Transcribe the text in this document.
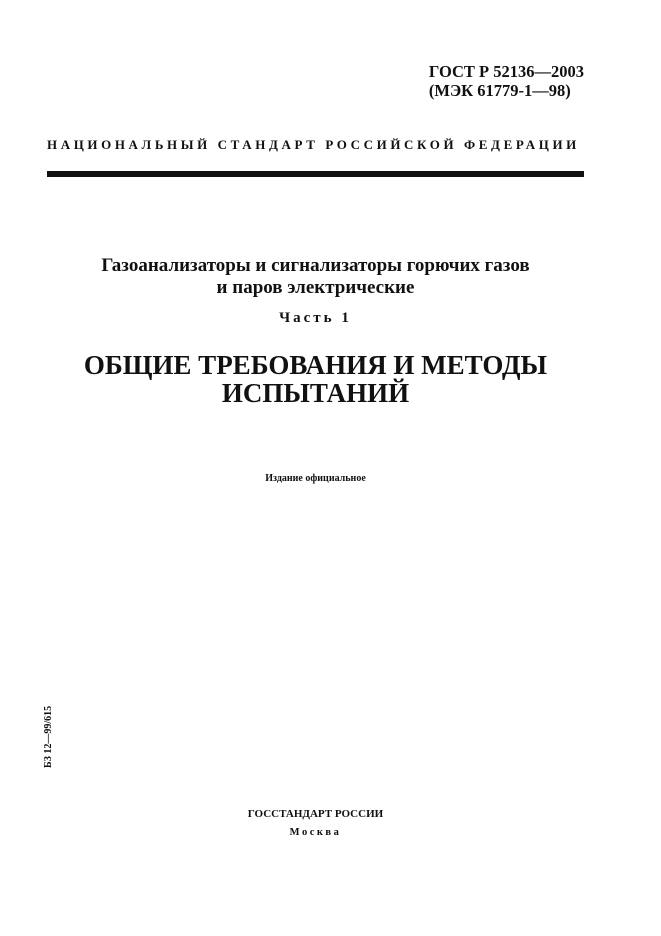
ГОСТ Р 52136—2003
(МЭК 61779-1—98)
НАЦИОНАЛЬНЫЙ СТАНДАРТ РОССИЙСКОЙ ФЕДЕРАЦИИ
Газоанализаторы и сигнализаторы горючих газов
и паров электрические
Часть 1
ОБЩИЕ ТРЕБОВАНИЯ И МЕТОДЫ
ИСПЫТАНИЙ
Издание официальное
БЗ 12—99/615
ГОССТАНДАРТ РОССИИ
Москва
